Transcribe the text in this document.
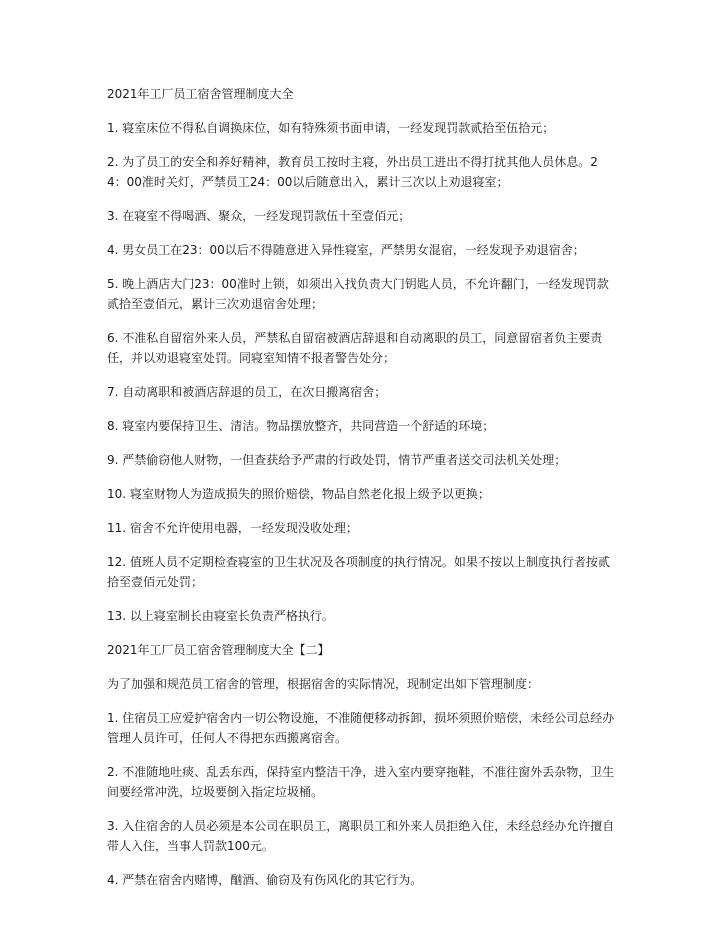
2021年工厂员工宿舍管理制度大全

1. 寝室床位不得私自调换床位，如有特殊须书面申请，一经发现罚款贰拾至伍拾元；

2. 为了员工的安全和养好精神，教育员工按时主寝，外出员工进出不得打扰其他人员休息。24：00准时关灯，严禁员工24：00以后随意出入，累计三次以上劝退寝室；

3. 在寝室不得喝酒、聚众，一经发现罚款伍十至壹佰元；

4. 男女员工在23：00以后不得随意进入异性寝室，严禁男女混宿，一经发现予劝退宿舍；

5. 晚上酒店大门23：00准时上锁，如须出入找负责大门钥匙人员，不允许翻门，一经发现罚款贰拾至壹佰元，累计三次劝退宿舍处理；

6. 不准私自留宿外来人员，严禁私自留宿被酒店辞退和自动离职的员工，同意留宿者负主要责任，并以劝退寝室处罚。同寝室知情不报者警告处分；

7. 自动离职和被酒店辞退的员工，在次日搬离宿舍；

8. 寝室内要保持卫生、清洁。物品摆放整齐，共同营造一个舒适的环境；

9. 严禁偷窃他人财物，一但查获给予严肃的行政处罚，情节严重者送交司法机关处理；

10. 寝室财物人为造成损失的照价赔偿，物品自然老化报上级予以更换；

11. 宿舍不允许使用电器，一经发现没收处理；

12. 值班人员不定期检查寝室的卫生状况及各项制度的执行情况。如果不按以上制度执行者按贰拾至壹佰元处罚；

13. 以上寝室制长由寝室长负责严格执行。

2021年工厂员工宿舍管理制度大全【二】

为了加强和规范员工宿舍的管理，根据宿舍的实际情况，现制定出如下管理制度：

1. 住宿员工应爱护宿舍内一切公物设施，不准随便移动拆卸，损坏须照价赔偿，未经公司总经办管理人员许可，任何人不得把东西搬离宿舍。

2. 不准随地吐痰、乱丢东西，保持室内整洁干净，进入室内要穿拖鞋，不准往窗外丢杂物，卫生间要经常冲洗，垃圾要倒入指定垃圾桶。

3. 入住宿舍的人员必须是本公司在职员工，离职员工和外来人员拒绝入住，未经总经办允许擅自带人入住，当事人罚款100元。

4. 严禁在宿舍内赌博，酗酒、偷窃及有伤风化的其它行为。
